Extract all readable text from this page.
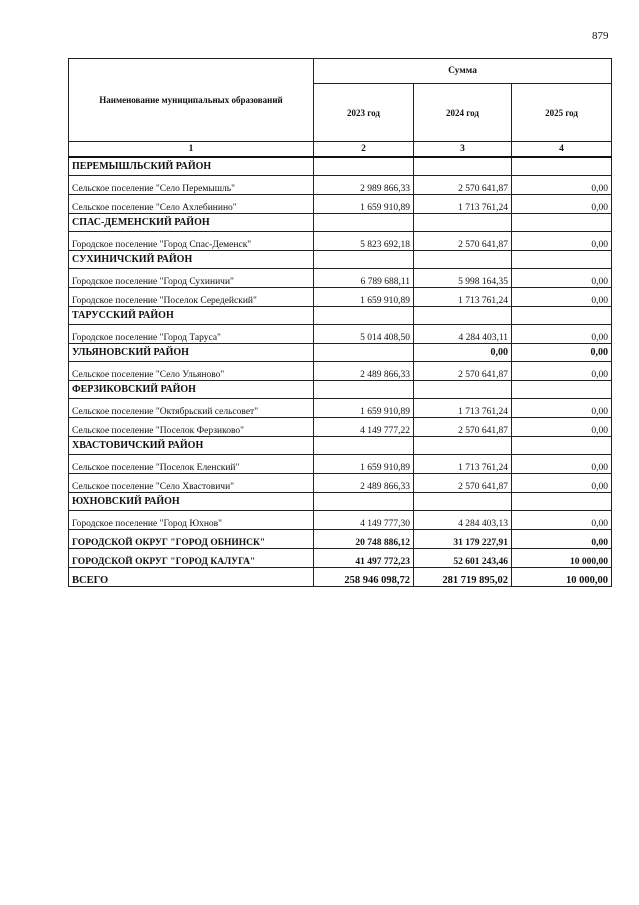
879
Наименование муниципальных образований	Сумма		
	2023 год	2024 год	2025 год
1	2	3	4
ПЕРЕМЫШЛЬСКИЙ РАЙОН			
Сельское поселение "Село Перемышль"	2 989 866,33	2 570 641,87	0,00
Сельское поселение "Село Ахлебинино"	1 659 910,89	1 713 761,24	0,00
СПАС-ДЕМЕНСКИЙ РАЙОН			
Городское поселение "Город Спас-Деменск"	5 823 692,18	2 570 641,87	0,00
СУХИНИЧСКИЙ РАЙОН			
Городское поселение "Город Сухиничи"	6 789 688,11	5 998 164,35	0,00
Городское поселение "Поселок Середейский"	1 659 910,89	1 713 761,24	0,00
ТАРУССКИЙ РАЙОН			
Городское поселение "Город Таруса"	5 014 408,50	4 284 403,11	0,00
УЛЬЯНОВСКИЙ РАЙОН		0,00	0,00
Сельское поселение "Село Ульяново"	2 489 866,33	2 570 641,87	0,00
ФЕРЗИКОВСКИЙ РАЙОН			
Сельское поселение "Октябрьский сельсовет"	1 659 910,89	1 713 761,24	0,00
Сельское поселение "Поселок Ферзиково"	4 149 777,22	2 570 641,87	0,00
ХВАСТОВИЧСКИЙ РАЙОН			
Сельское поселение "Поселок Еленский"	1 659 910,89	1 713 761,24	0,00
Сельское поселение "Село Хвастовичи"	2 489 866,33	2 570 641,87	0,00
ЮХНОВСКИЙ РАЙОН			
Городское поселение "Город Юхнов"	4 149 777,30	4 284 403,13	0,00
ГОРОДСКОЙ ОКРУГ "ГОРОД ОБНИНСК"	20 748 886,12	31 179 227,91	0,00
ГОРОДСКОЙ ОКРУГ "ГОРОД КАЛУГА"	41 497 772,23	52 601 243,46	10 000,00
ВСЕГО	258 946 098,72	281 719 895,02	10 000,00
